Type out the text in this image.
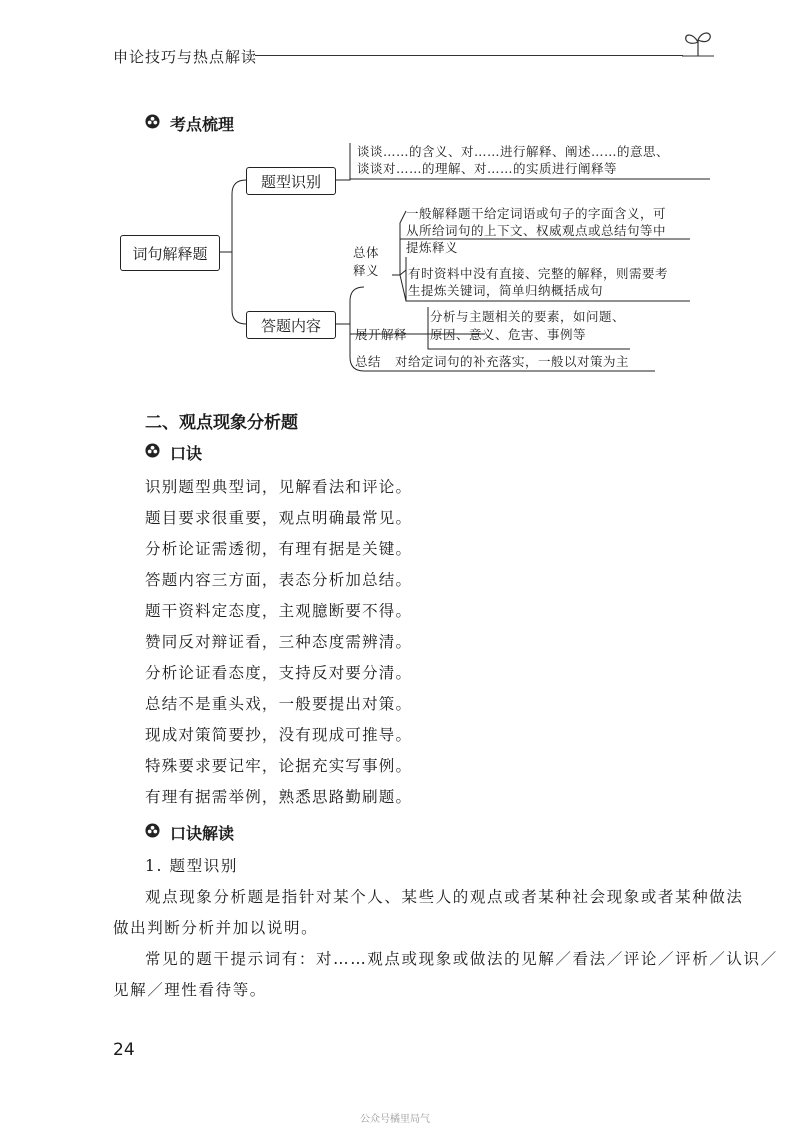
申论技巧与热点解读
考点梳理
词句解释题
题型识别
谈谈……的含义、对……进行解释、阐述……的意思、
谈谈对……的理解、对……的实质进行阐释等
答题内容
总体
释义
一般解释题干给定词语或句子的字面含义，可
从所给词句的上下文、权威观点或总结句等中
提炼释义
有时资料中没有直接、完整的解释，则需要考
生提炼关键词，简单归纳概括成句
展开解释
分析与主题相关的要素，如问题、
原因、意义、危害、事例等
总结 对给定词句的补充落实，一般以对策为主
二、观点现象分析题
口诀
识别题型典型词，见解看法和评论。
题目要求很重要，观点明确最常见。
分析论证需透彻，有理有据是关键。
答题内容三方面，表态分析加总结。
题干资料定态度，主观臆断要不得。
赞同反对辩证看，三种态度需辨清。
分析论证看态度，支持反对要分清。
总结不是重头戏，一般要提出对策。
现成对策简要抄，没有现成可推导。
特殊要求要记牢，论据充实写事例。
有理有据需举例，熟悉思路勤刷题。
口诀解读
1. 题型识别
观点现象分析题是指针对某个人、某些人的观点或者某种社会现象或者某种做法
做出判断分析并加以说明。
常见的题干提示词有：对……观点或现象或做法的见解／看法／评论／评析／认识／
见解／理性看待等。
24
公众号橘里局气
